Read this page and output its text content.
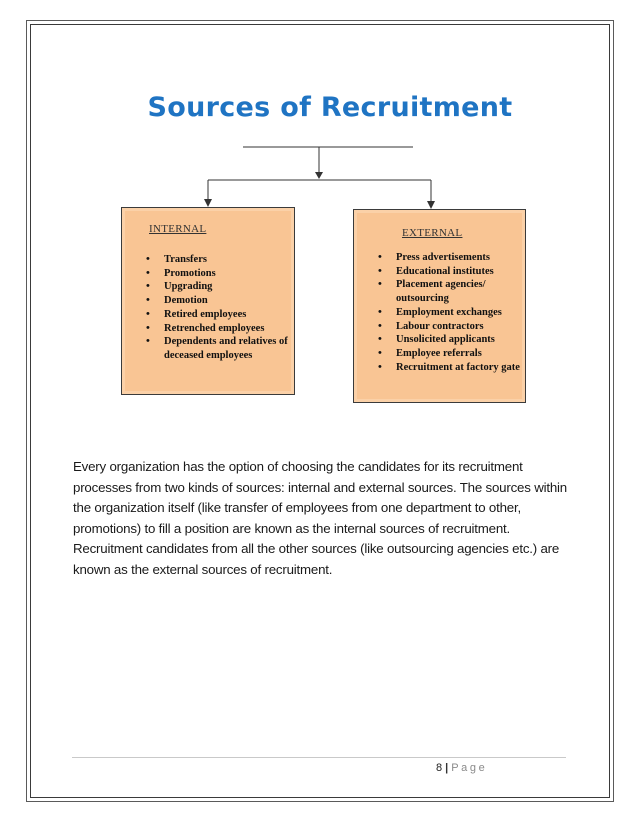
Sources of Recruitment
INTERNAL
• Transfers
• Promotions
• Upgrading
• Demotion
• Retired employees
• Retrenched employees
• Dependents and relatives of deceased employees
EXTERNAL
• Press advertisements
• Educational institutes
• Placement agencies/ outsourcing
• Employment exchanges
• Labour contractors
• Unsolicited applicants
• Employee referrals
• Recruitment at factory gate

Every organization has the option of choosing the candidates for its recruitment processes from two kinds of sources: internal and external sources. The sources within the organization itself (like transfer of employees from one department to other, promotions) to fill a position are known as the internal sources of recruitment. Recruitment candidates from all the other sources (like outsourcing agencies etc.) are known as the external sources of recruitment.

8 | Page
